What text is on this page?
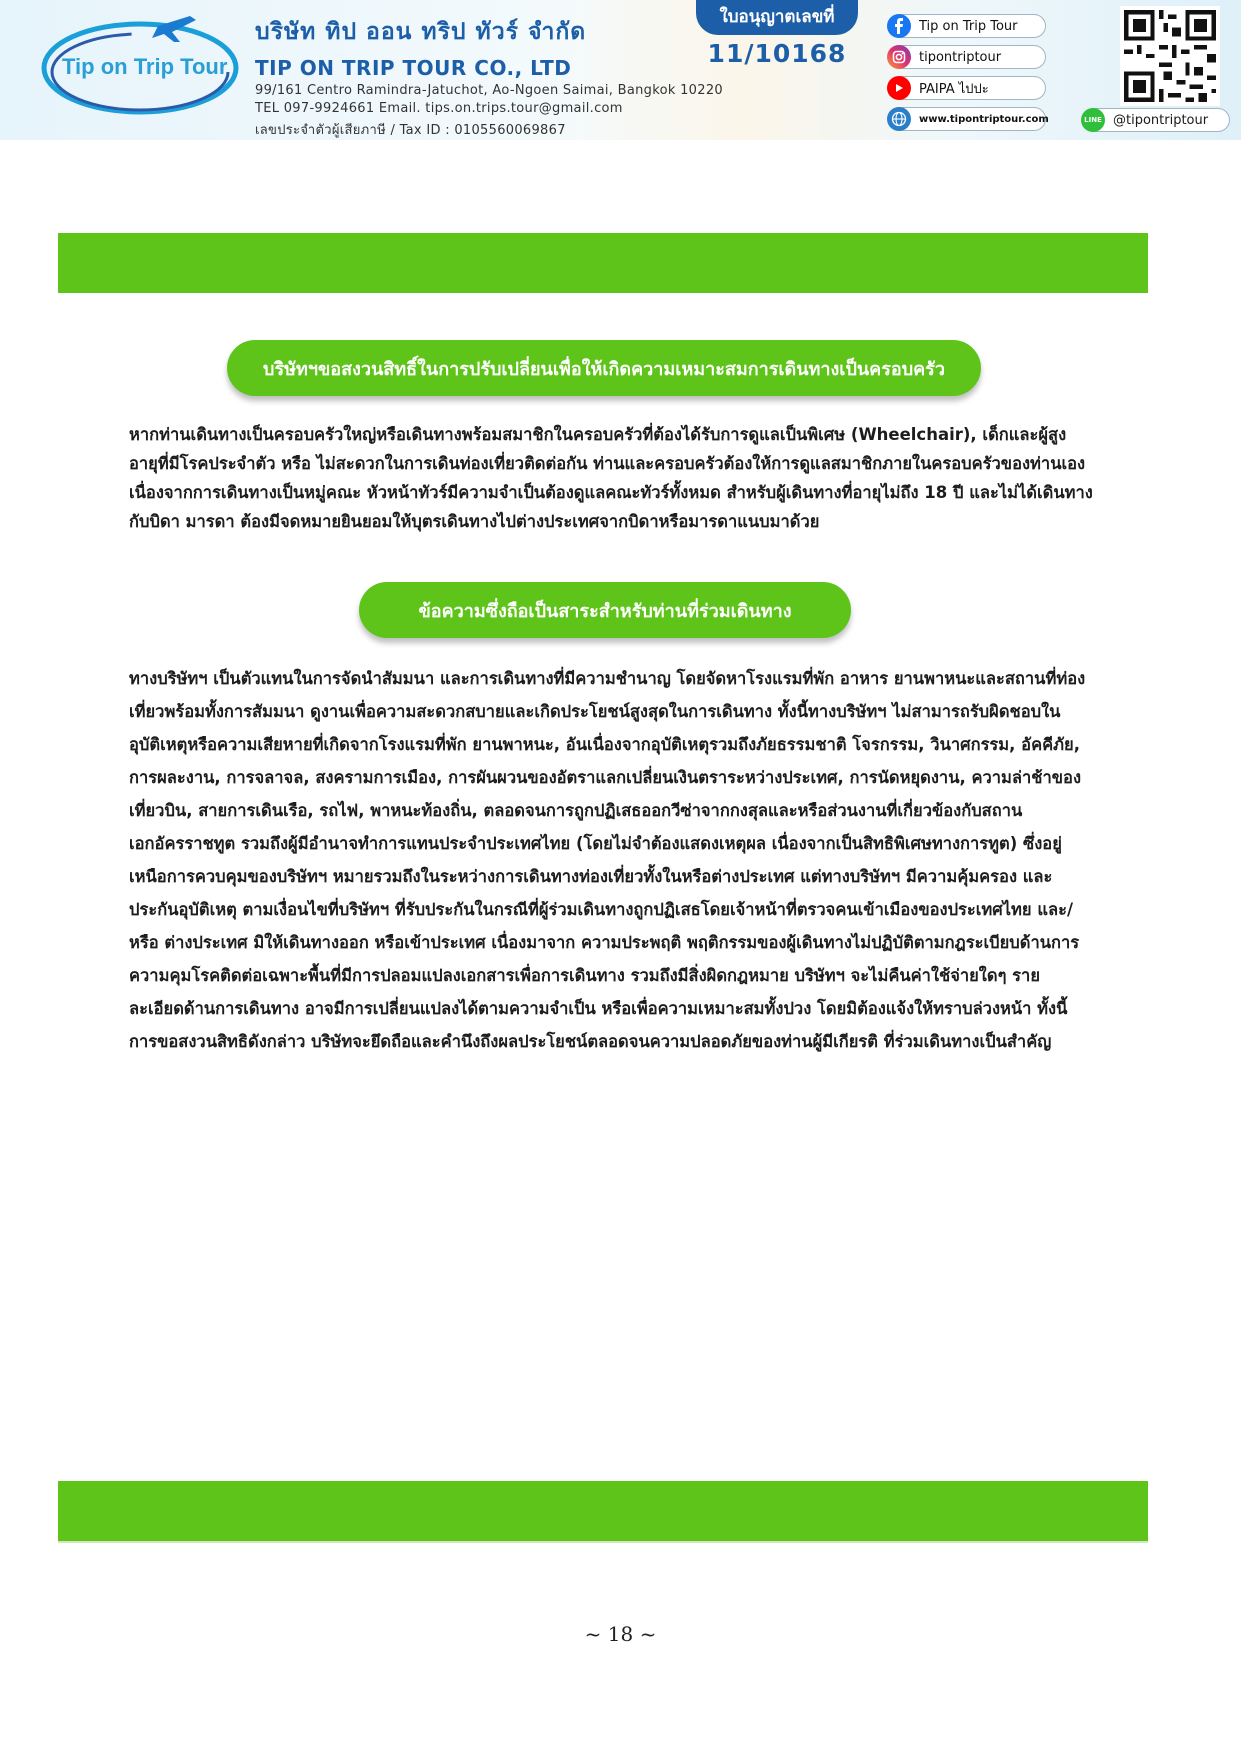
Tip on Trip Tour
บริษัท ทิป ออน ทริป ทัวร์ จำกัด
TIP ON TRIP TOUR CO., LTD
99/161 Centro Ramindra-Jatuchot, Ao-Ngoen Saimai, Bangkok 10220
TEL 097-9924661 Email. tips.on.trips.tour@gmail.com
เลขประจำตัวผู้เสียภาษี / Tax ID : 0105560069867
ใบอนุญาตเลขที่
11/10168
Tip on Trip Tour
tipontriptour
PAIPA ไปปะ
www.tipontriptour.com	LINE @tipontriptour
บริษัทฯขอสงวนสิทธิ์ในการปรับเปลี่ยนเพื่อให้เกิดความเหมาะสมการเดินทางเป็นครอบครัว
หากท่านเดินทางเป็นครอบครัวใหญ่หรือเดินทางพร้อมสมาชิกในครอบครัวที่ต้องได้รับการดูแลเป็นพิเศษ (Wheelchair), เด็กและผู้สูงอายุที่มีโรคประจำตัว หรือ ไม่สะดวกในการเดินท่องเที่ยวติดต่อกัน ท่านและครอบครัวต้องให้การดูแลสมาชิกภายในครอบครัวของท่านเอง เนื่องจากการเดินทางเป็นหมู่คณะ หัวหน้าทัวร์มีความจำเป็นต้องดูแลคณะทัวร์ทั้งหมด สำหรับผู้เดินทางที่อายุไม่ถึง 18 ปี และไม่ได้เดินทางกับบิดา มารดา ต้องมีจดหมายยินยอมให้บุตรเดินทางไปต่างประเทศจากบิดาหรือมารดาแนบมาด้วย
ข้อความซึ่งถือเป็นสาระสำหรับท่านที่ร่วมเดินทาง
ทางบริษัทฯ เป็นตัวแทนในการจัดนำสัมมนา และการเดินทางที่มีความชำนาญ โดยจัดหาโรงแรมที่พัก อาหาร ยานพาหนะและสถานที่ท่องเที่ยวพร้อมทั้งการสัมมนา ดูงานเพื่อความสะดวกสบายและเกิดประโยชน์สูงสุดในการเดินทาง ทั้งนี้ทางบริษัทฯ ไม่สามารถรับผิดชอบในอุบัติเหตุหรือความเสียหายที่เกิดจากโรงแรมที่พัก ยานพาหนะ, อันเนื่องจากอุบัติเหตุรวมถึงภัยธรรมชาติ โจรกรรม, วินาศกรรม, อัคคีภัย, การผละงาน, การจลาจล, สงครามการเมือง, การผันผวนของอัตราแลกเปลี่ยนเงินตราระหว่างประเทศ, การนัดหยุดงาน, ความล่าช้าของเที่ยวบิน, สายการเดินเรือ, รถไฟ, พาหนะท้องถิ่น, ตลอดจนการถูกปฏิเสธออกวีซ่าจากกงสุลและหรือส่วนงานที่เกี่ยวข้องกับสถานเอกอัครราชทูต รวมถึงผู้มีอำนาจทำการแทนประจำประเทศไทย (โดยไม่จำต้องแสดงเหตุผล เนื่องจากเป็นสิทธิพิเศษทางการทูต) ซึ่งอยู่เหนือการควบคุมของบริษัทฯ หมายรวมถึงในระหว่างการเดินทางท่องเที่ยวทั้งในหรือต่างประเทศ แต่ทางบริษัทฯ มีความคุ้มครอง และประกันอุบัติเหตุ ตามเงื่อนไขที่บริษัทฯ ที่รับประกันในกรณีที่ผู้ร่วมเดินทางถูกปฏิเสธโดยเจ้าหน้าที่ตรวจคนเข้าเมืองของประเทศไทย และ/หรือ ต่างประเทศ มิให้เดินทางออก หรือเข้าประเทศ เนื่องมาจาก ความประพฤติ พฤติกรรมของผู้เดินทางไม่ปฏิบัติตามกฎระเบียบด้านการความคุมโรคติดต่อเฉพาะพื้นที่มีการปลอมแปลงเอกสารเพื่อการเดินทาง รวมถึงมีสิ่งผิดกฎหมาย บริษัทฯ จะไม่คืนค่าใช้จ่ายใดๆ รายละเอียดด้านการเดินทาง อาจมีการเปลี่ยนแปลงได้ตามความจำเป็น หรือเพื่อความเหมาะสมทั้งปวง โดยมิต้องแจ้งให้ทราบล่วงหน้า ทั้งนี้การขอสงวนสิทธิดังกล่าว บริษัทจะยึดถือและคำนึงถึงผลประโยชน์ตลอดจนความปลอดภัยของท่านผู้มีเกียรติ ที่ร่วมเดินทางเป็นสำคัญ
~ 18 ~
